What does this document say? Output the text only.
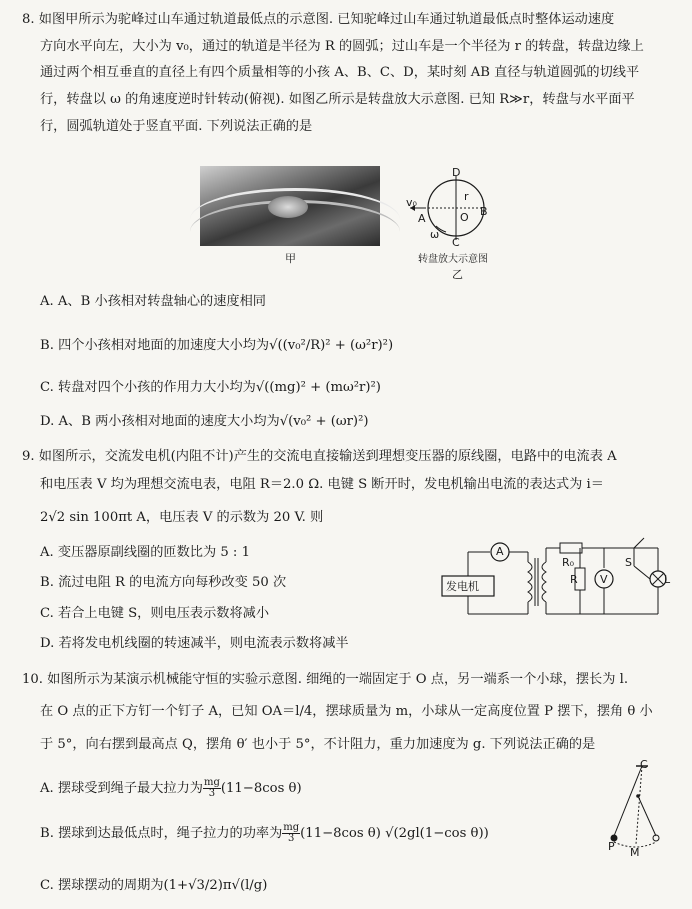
8. 如图甲所示为驼峰过山车通过轨道最低点的示意图. 已知驼峰过山车通过轨道最低点时整体运动速度
方向水平向左，大小为 v₀，通过的轨道是半径为 R 的圆弧；过山车是一个半径为 r 的转盘，转盘边缘上
通过两个相互垂直的直径上有四个质量相等的小孩 A、B、C、D，某时刻 AB 直径与轨道圆弧的切线平
行，转盘以 ω 的角速度逆时针转动(俯视). 如图乙所示是转盘放大示意图. 已知 R≫r，转盘与水平面平
行，圆弧轨道处于竖直平面. 下列说法正确的是
甲
D
B
C
A	O
r
v₀
ω
转盘放大示意图
乙
A. A、B 小孩相对转盘轴心的速度相同
B. 四个小孩相对地面的加速度大小均为√((v₀²/R)² + (ω²r)²)
C. 转盘对四个小孩的作用力大小均为√((mg)² + (mω²r)²)
D. A、B 两小孩相对地面的速度大小均为√(v₀² + (ωr)²)
9. 如图所示，交流发电机(内阻不计)产生的交流电直接输送到理想变压器的原线圈，电路中的电流表 A
和电压表 V 均为理想交流电表，电阻 R＝2.0 Ω. 电键 S 断开时，发电机输出电流的表达式为 i＝
2√2 sin 100πt A，电压表 V 的示数为 20 V. 则
A. 变压器原副线圈的匝数比为 5 : 1
B. 流过电阻 R 的电流方向每秒改变 50 次
C. 若合上电键 S，则电压表示数将减小
D. 若将发电机线圈的转速减半，则电流表示数将减半
发电机
A
V
R₀
R
S
L
10. 如图所示为某演示机械能守恒的实验示意图. 细绳的一端固定于 O 点，另一端系一个小球，摆长为 l.
在 O 点的正下方钉一个钉子 A，已知 OA＝l/4，摆球质量为 m，小球从一定高度位置 P 摆下，摆角 θ 小
于 5°，向右摆到最高点 Q，摆角 θ′ 也小于 5°，不计阻力，重力加速度为 g. 下列说法正确的是
A. 摆球受到绳子最大拉力为 $\frac{mg}{3} (11-8\cos$ θ)
B. 摆球到达最低点时，绳子拉力的功率为 $\frac{mg}{3} (11-8\cos$ θ) √(2gl(1−cos θ))
C. 摆球摆动的周期为(1+√3/2)π√(l/g)
C
P M
